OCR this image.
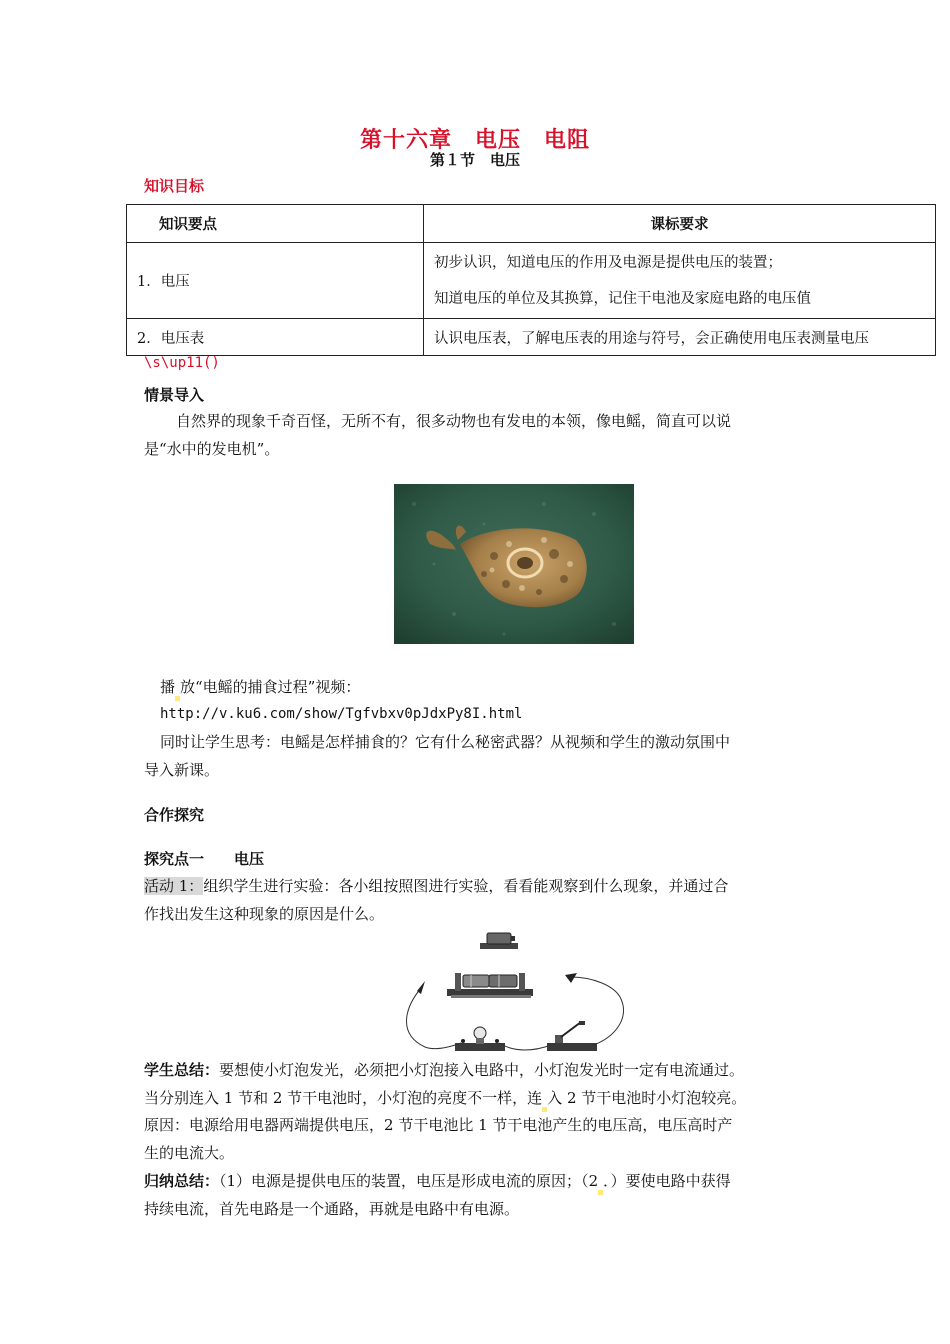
第十六章　电压　电阻
第１节　电压
知识目标
知识要点	课标要求
1．电压	初步认识，知道电压的作用及电源是提供电压的装置；
知道电压的单位及其换算，记住干电池及家庭电路的电压值

2．电压表	认识电压表，了解电压表的用途与符号，会正确使用电压表测量电压
\s\up11()
情景导入
自然界的现象千奇百怪，无所不有，很多动物也有发电的本领，像电鳐，简直可以说
是“水中的发电机”。
播 放“电鳐的捕食过程”视频：
http://v.ku6.com/show/Tgfvbxv0pJdxPy8I.html
同时让学生思考：电鳐是怎样捕食的？它有什么秘密武器？从视频和学生的激动氛围中
导入新课。
合作探究
探究点一　　电压
活动 1：组织学生进行实验：各小组按照图进行实验，看看能观察到什么现象，并通过合
作找出发生这种现象的原因是什么。
学生总结：要想使小灯泡发光，必须把小灯泡接入电路中，小灯泡发光时一定有电流通过。
当分别连入 1 节和 2 节干电池时，小灯泡的亮度不一样，连 入 2 节干电池时小灯泡较亮。
原因：电源给用电器两端提供电压，2 节干电池比 1 节干电池产生的电压高，电压高时产
生的电流大。
归纳总结：（1）电源是提供电压的装置，电压是形成电流的原因；（2 ．）要使电路中获得
持续电流，首先电路是一个通路，再就是电路中有电源。
